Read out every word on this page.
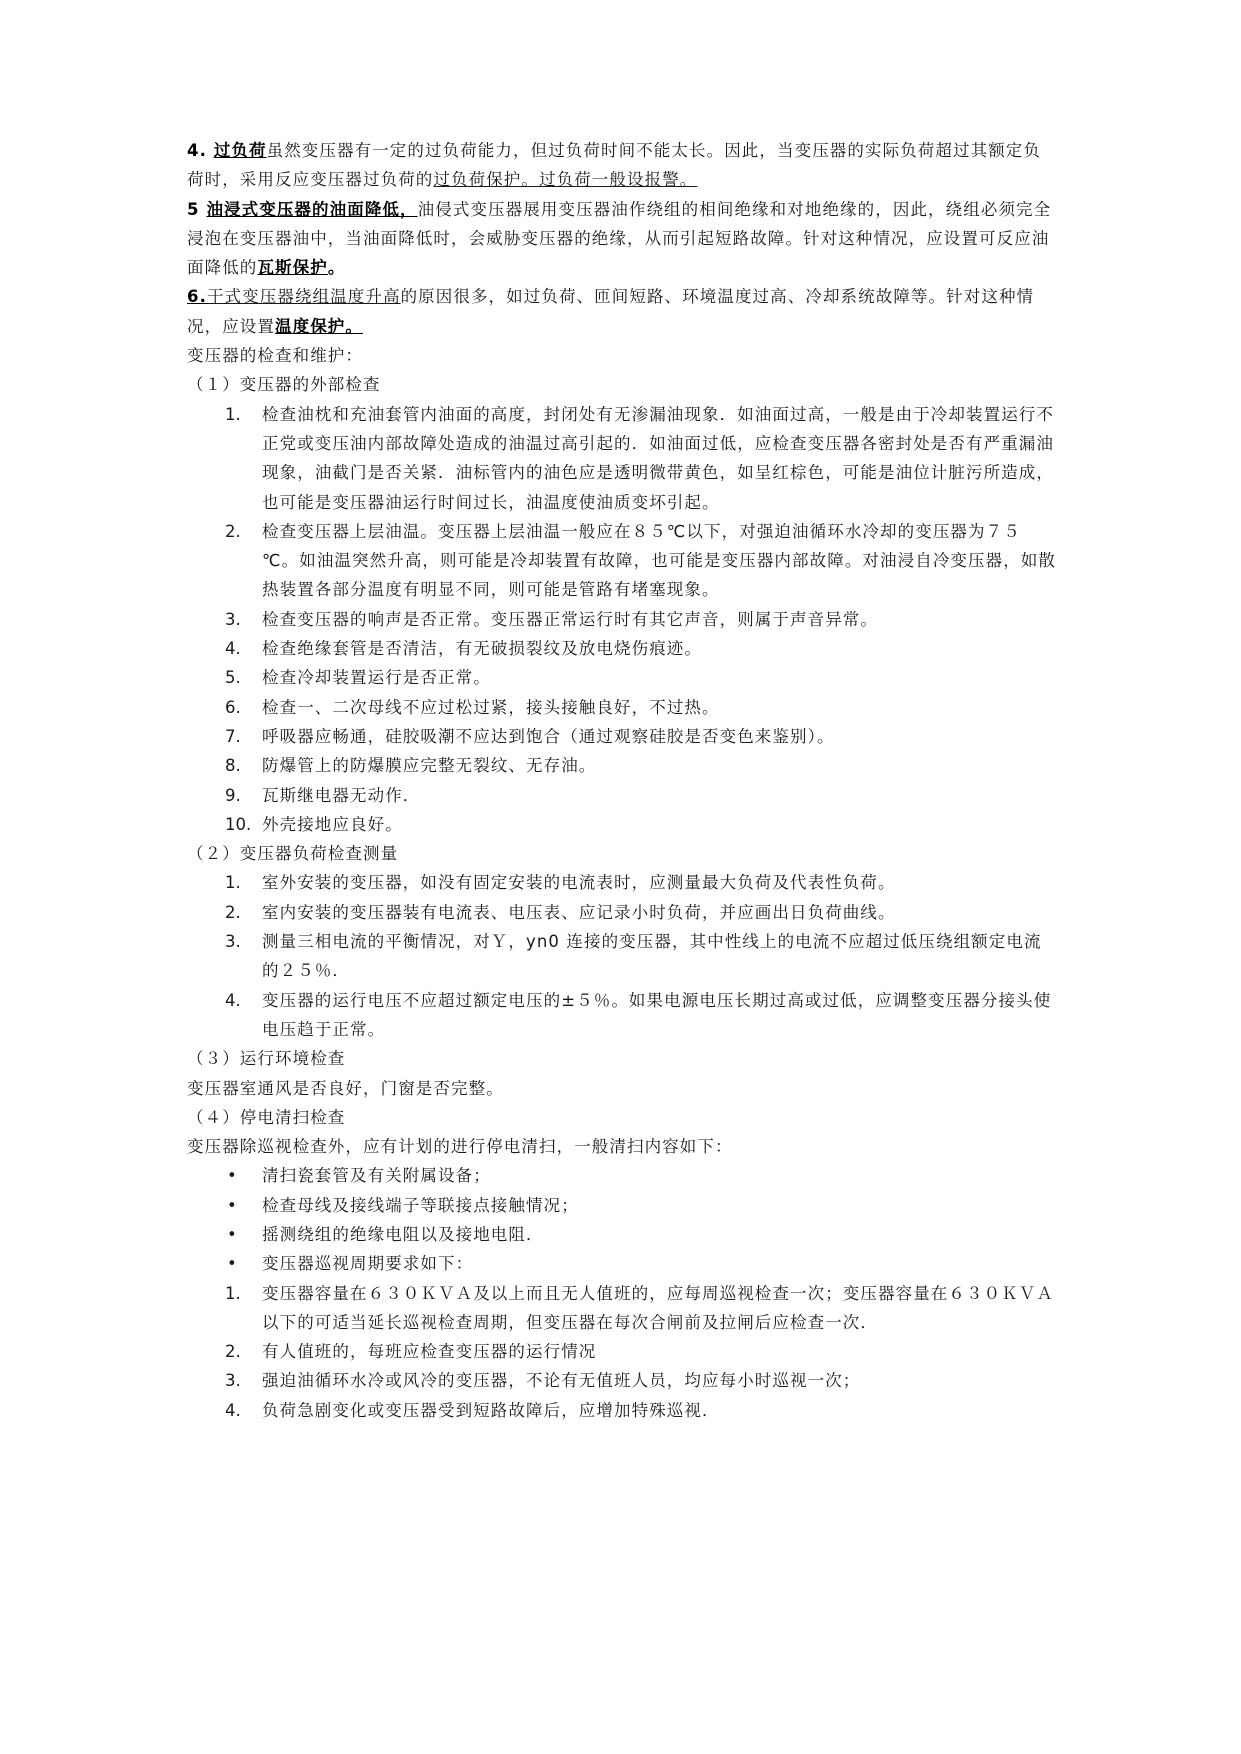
4. 过负荷虽然变压器有一定的过负荷能力，但过负荷时间不能太长。因此，当变压器的实际负荷超过其额定负荷时，采用反应变压器过负荷的过负荷保护。过负荷一般设报警。

5 油浸式变压器的油面降低，油侵式变压器展用变压器油作绕组的相间绝缘和对地绝缘的，因此，绕组必须完全浸泡在变压器油中，当油面降低时，会威胁变压器的绝缘，从而引起短路故障。针对这种情况，应设置可反应油面降低的瓦斯保护。

6.干式变压器绕组温度升高的原因很多，如过负荷、匝间短路、环境温度过高、冷却系统故障等。针对这种情况，应设置温度保护。

变压器的检查和维护：

（１）变压器的外部检查

1. 检查油枕和充油套管内油面的高度，封闭处有无渗漏油现象．如油面过高，一般是由于冷却装置运行不正党或变压油内部故障处造成的油温过高引起的．如油面过低，应检查变压器各密封处是否有严重漏油现象，油截门是否关紧．油标管内的油色应是透明微带黄色，如呈红棕色，可能是油位计脏污所造成，也可能是变压器油运行时间过长，油温度使油质变坏引起。
2. 检查变压器上层油温。变压器上层油温一般应在８５℃以下，对强迫油循环水冷却的变压器为７５　℃。如油温突然升高，则可能是冷却装置有故障，也可能是变压器内部故障。对油浸自冷变压器，如散热装置各部分温度有明显不同，则可能是管路有堵塞现象。
3. 检查变压器的响声是否正常。变压器正常运行时有其它声音，则属于声音异常。
4. 检查绝缘套管是否清洁，有无破损裂纹及放电烧伤痕迹。
5. 检查冷却装置运行是否正常。
6. 检查一、二次母线不应过松过紧，接头接触良好，不过热。
7. 呼吸器应畅通，硅胶吸潮不应达到饱合（通过观察硅胶是否变色来鉴别）。
8. 防爆管上的防爆膜应完整无裂纹、无存油。
9. 瓦斯继电器无动作．
10. 外壳接地应良好。

（２）变压器负荷检查测量

1. 室外安装的变压器，如没有固定安装的电流表时，应测量最大负荷及代表性负荷。
2. 室内安装的变压器装有电流表、电压表、应记录小时负荷，并应画出日负荷曲线。
3. 测量三相电流的平衡情况，对Ｙ，yn0 连接的变压器，其中性线上的电流不应超过低压绕组额定电流的２５％．
4. 变压器的运行电压不应超过额定电压的±５％。如果电源电压长期过高或过低，应调整变压器分接头使电压趋于正常。

（３）运行环境检查

变压器室通风是否良好，门窗是否完整。

（４）停电清扫检查

变压器除巡视检查外，应有计划的进行停电清扫，一般清扫内容如下：

• 清扫瓷套管及有关附属设备；
• 检查母线及接线端子等联接点接触情况；
• 摇测绕组的绝缘电阻以及接地电阻．
• 变压器巡视周期要求如下：
1. 变压器容量在６３０ＫＶＡ及以上而且无人值班的，应每周巡视检查一次；变压器容量在６３０ＫＶＡ以下的可适当延长巡视检查周期，但变压器在每次合闸前及拉闸后应检查一次．
2. 有人值班的，每班应检查变压器的运行情况
3. 强迫油循环水冷或风冷的变压器，不论有无值班人员，均应每小时巡视一次；
4. 负荷急剧变化或变压器受到短路故障后，应增加特殊巡视．
